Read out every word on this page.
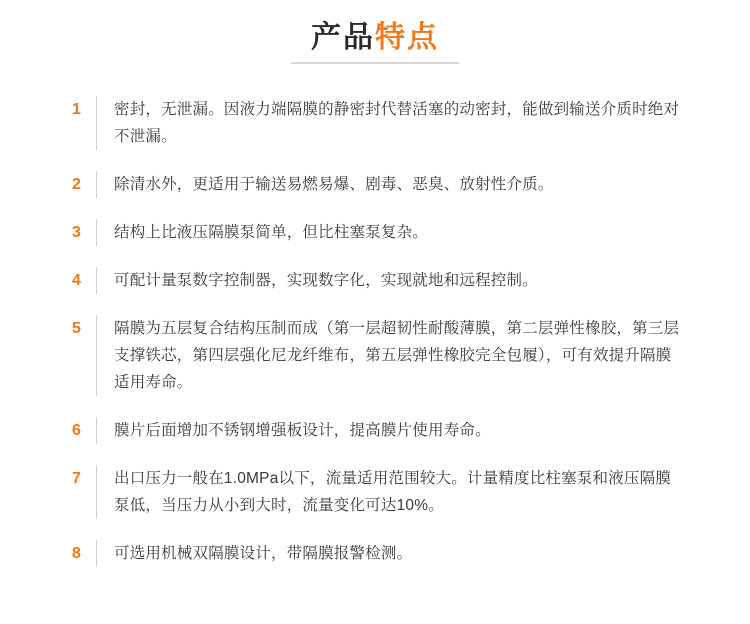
产品特点
1	密封，无泄漏。因液力端隔膜的静密封代替活塞的动密封，能做到输送介质时绝对不泄漏。
2	除清水外，更适用于输送易燃易爆、剧毒、恶臭、放射性介质。
3	结构上比液压隔膜泵简单，但比柱塞泵复杂。
4	可配计量泵数字控制器，实现数字化，实现就地和远程控制。
5	隔膜为五层复合结构压制而成（第一层超韧性耐酸薄膜，第二层弹性橡胶，第三层支撑铁芯，第四层强化尼龙纤维布，第五层弹性橡胶完全包履），可有效提升隔膜适用寿命。
6	膜片后面增加不锈钢增强板设计，提高膜片使用寿命。
7	出口压力一般在1.0MPa以下，流量适用范围较大。计量精度比柱塞泵和液压隔膜泵低，当压力从小到大时，流量变化可达10%。
8	可选用机械双隔膜设计，带隔膜报警检测。
